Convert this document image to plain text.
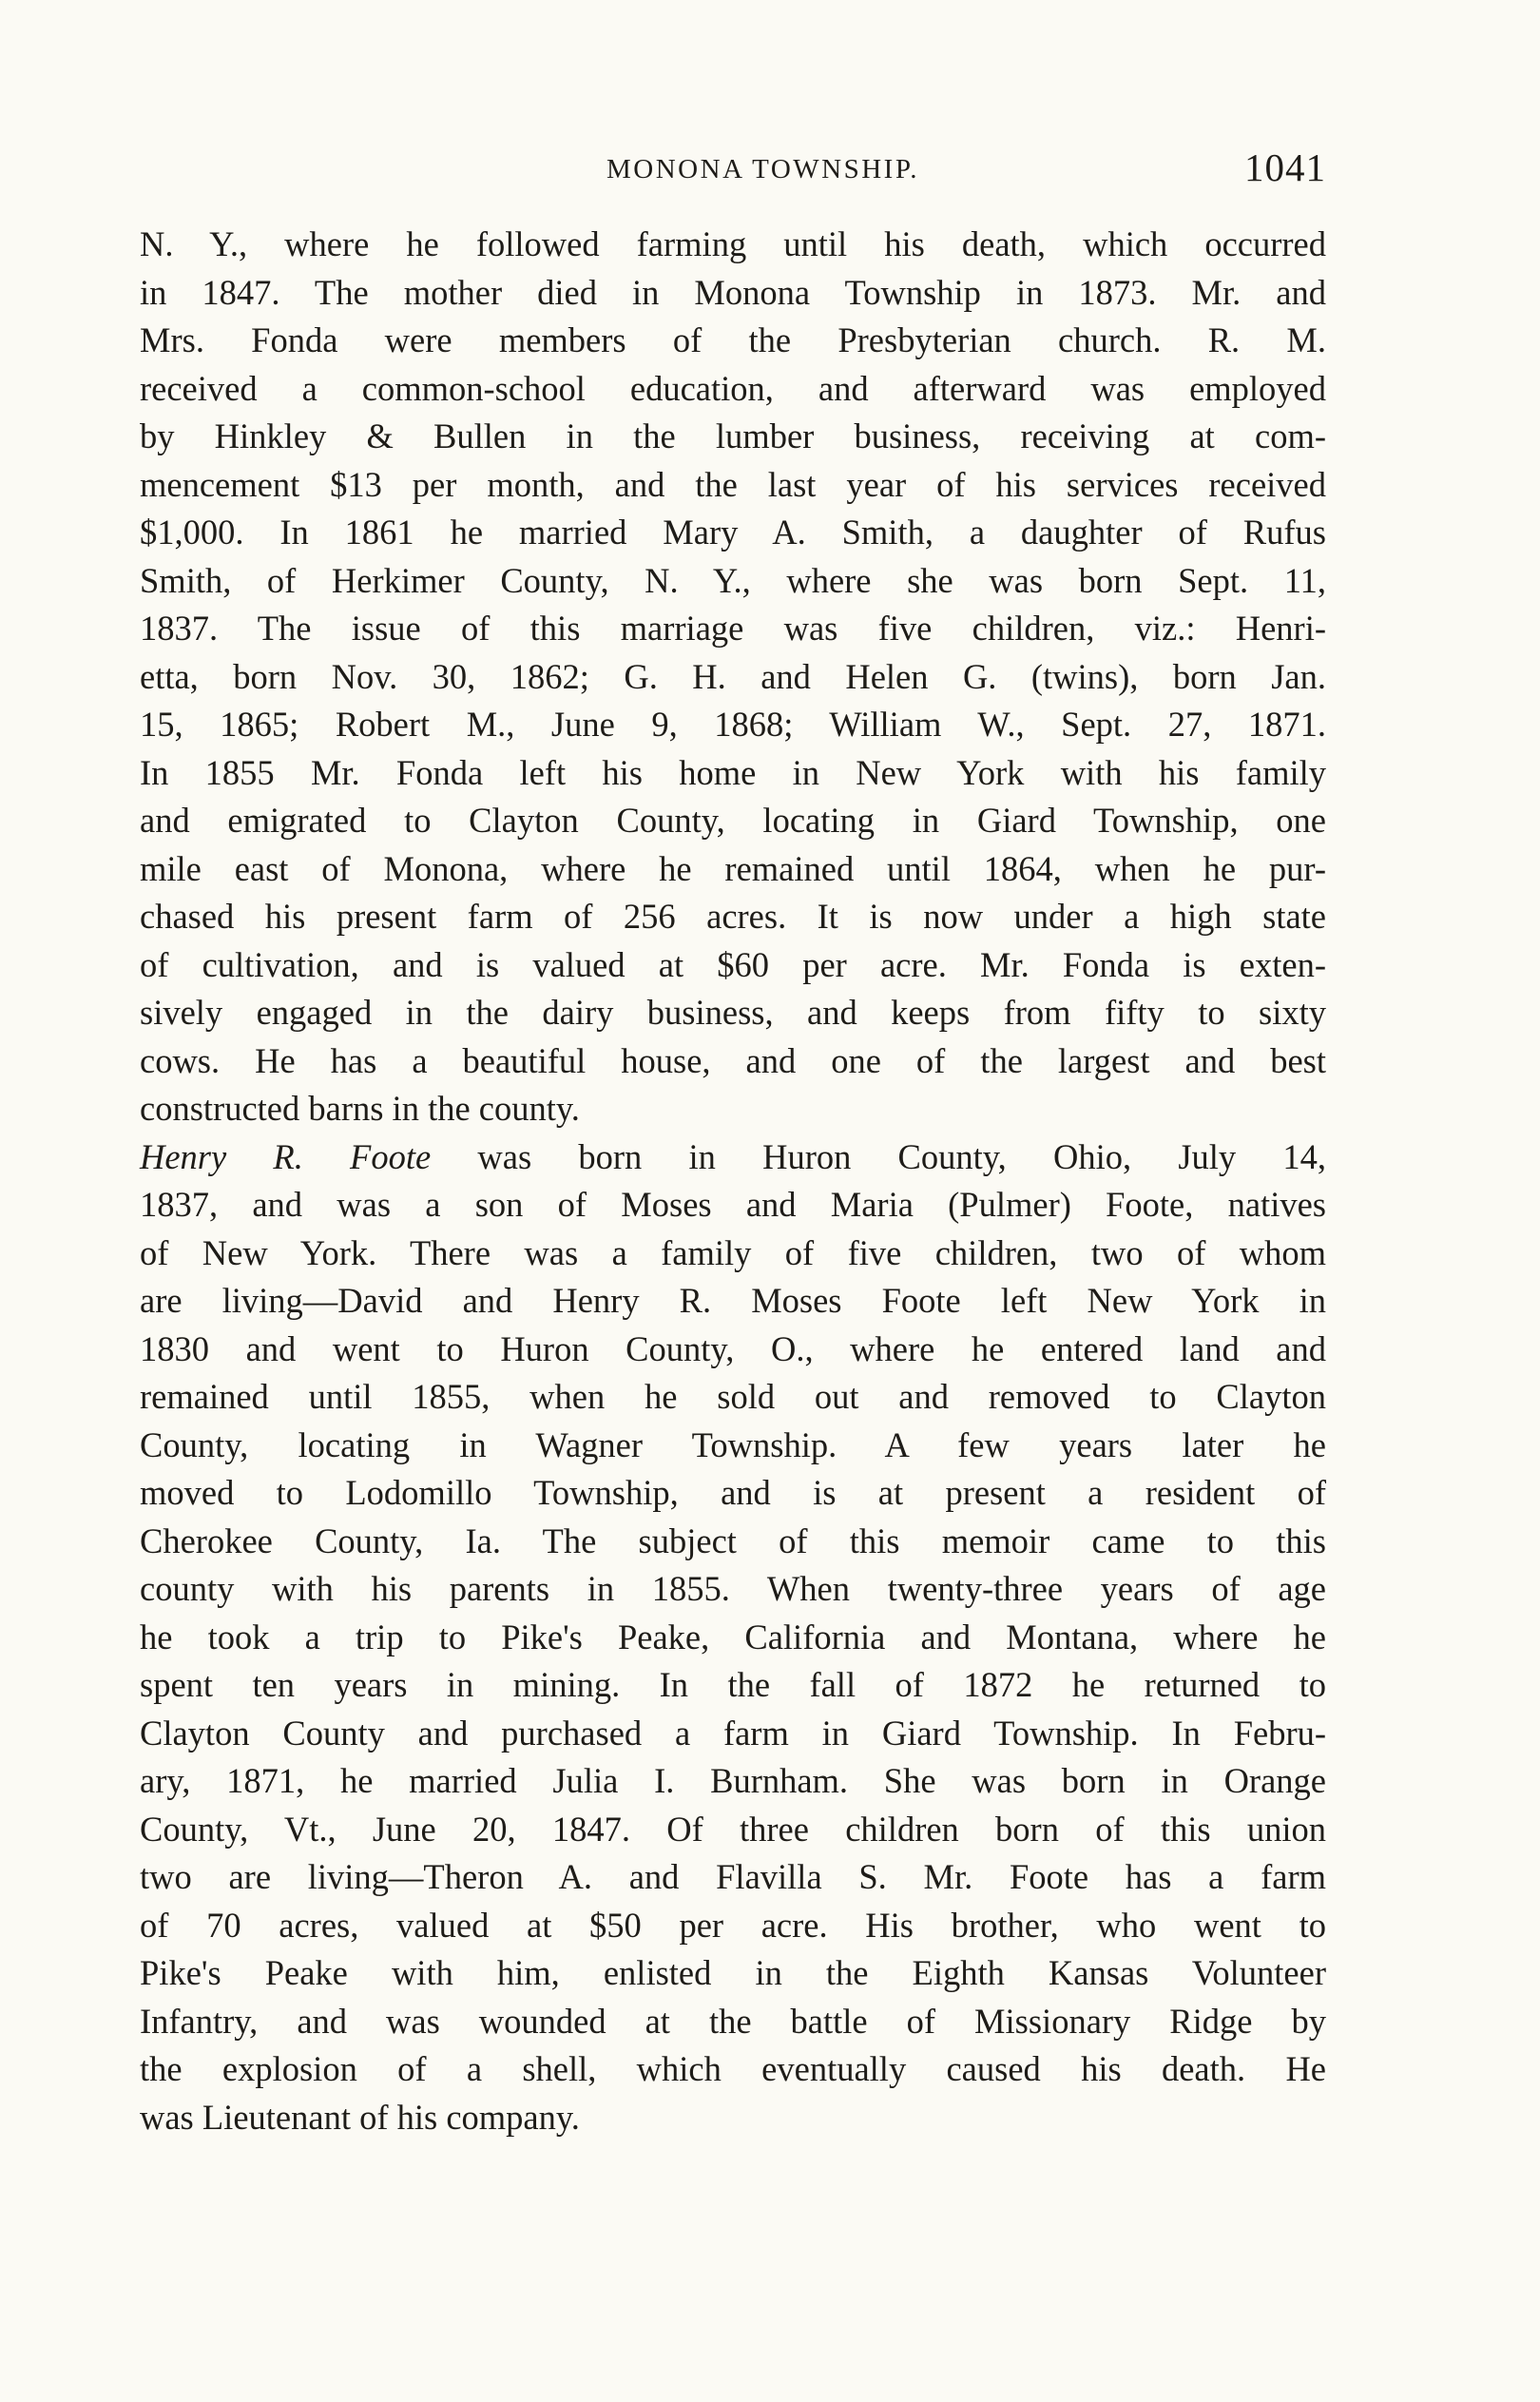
MONONA TOWNSHIP.	1041
N. Y., where he followed farming until his death, which occurred
in 1847. The mother died in Monona Township in 1873. Mr. and
Mrs. Fonda were members of the Presbyterian church. R. M.
received a common-school education, and afterward was employed
by Hinkley & Bullen in the lumber business, receiving at com-
mencement $13 per month, and the last year of his services received
$1,000. In 1861 he married Mary A. Smith, a daughter of Rufus
Smith, of Herkimer County, N. Y., where she was born Sept. 11,
1837. The issue of this marriage was five children, viz.: Henri-
etta, born Nov. 30, 1862; G. H. and Helen G. (twins), born Jan.
15, 1865; Robert M., June 9, 1868; William W., Sept. 27, 1871.
In 1855 Mr. Fonda left his home in New York with his family
and emigrated to Clayton County, locating in Giard Township, one
mile east of Monona, where he remained until 1864, when he pur-
chased his present farm of 256 acres. It is now under a high state
of cultivation, and is valued at $60 per acre. Mr. Fonda is exten-
sively engaged in the dairy business, and keeps from fifty to sixty
cows. He has a beautiful house, and one of the largest and best
constructed barns in the county.
Henry R. Foote was born in Huron County, Ohio, July 14,
1837, and was a son of Moses and Maria (Pulmer) Foote, natives
of New York. There was a family of five children, two of whom
are living—David and Henry R. Moses Foote left New York in
1830 and went to Huron County, O., where he entered land and
remained until 1855, when he sold out and removed to Clayton
County, locating in Wagner Township. A few years later he
moved to Lodomillo Township, and is at present a resident of
Cherokee County, Ia. The subject of this memoir came to this
county with his parents in 1855. When twenty-three years of age
he took a trip to Pike's Peake, California and Montana, where he
spent ten years in mining. In the fall of 1872 he returned to
Clayton County and purchased a farm in Giard Township. In Febru-
ary, 1871, he married Julia I. Burnham. She was born in Orange
County, Vt., June 20, 1847. Of three children born of this union
two are living—Theron A. and Flavilla S. Mr. Foote has a farm
of 70 acres, valued at $50 per acre. His brother, who went to
Pike's Peake with him, enlisted in the Eighth Kansas Volunteer
Infantry, and was wounded at the battle of Missionary Ridge by
the explosion of a shell, which eventually caused his death. He
was Lieutenant of his company.
